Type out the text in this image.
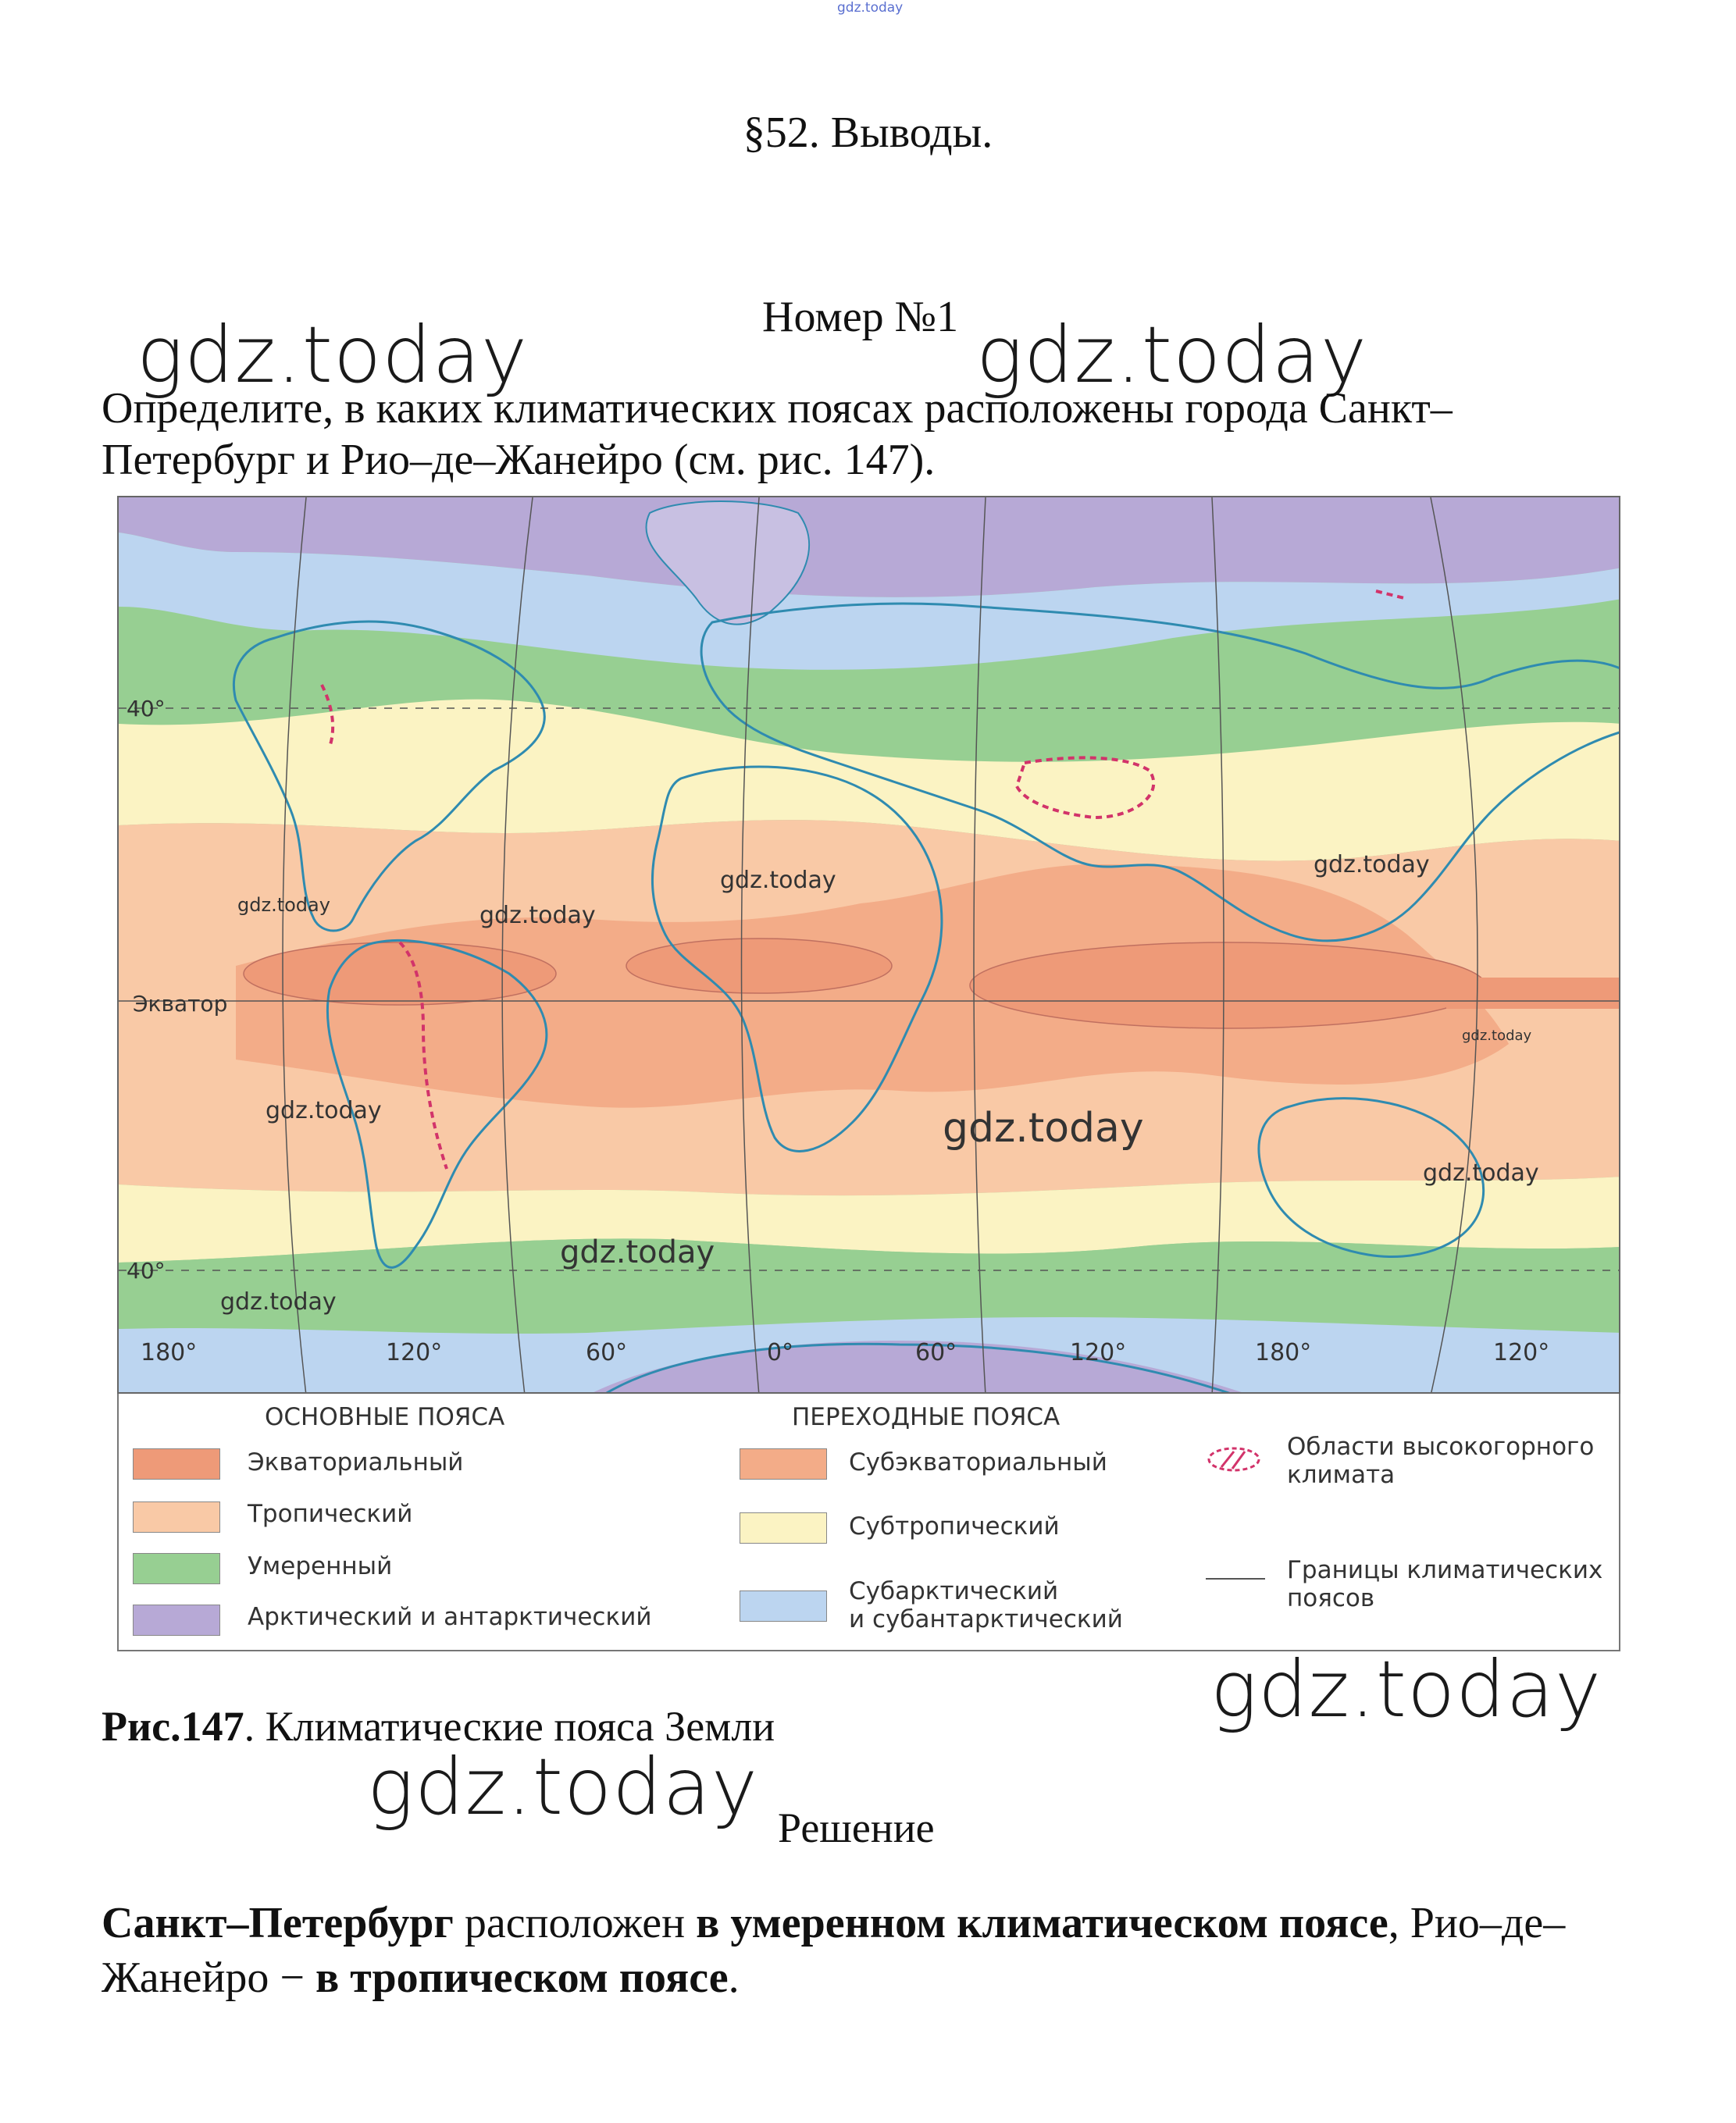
gdz.today
§52. Выводы.
gdz.today	Номер №1 gdz.today
Определите, в каких климатических поясах расположены города Санкт–Петербург и Рио–де–Жанейро (см. рис. 147).
40°
40°
Экватор
180°	120°	60°	0°	60°	120°	180°	120°
gdz.today
gdz.today
gdz.today	gdz.today
gdz.today
gdz.today	gdz.today
gdz.today
gdz.today
gdz.today
ОСНОВНЫЕ ПОЯСА	ПЕРЕХОДНЫЕ ПОЯСА
Экваториальный
Тропический
Умеренный
Арктический и антарктический
Субэкваториальный
Субтропический
Субарктический
и субантарктический
Области высокогорного
климата
Границы климатических
поясов
gdz.today
Рис.147. Климатические пояса Земли
gdz.today Решение
Санкт–Петербург расположен в умеренном климатическом поясе, Рио–де–Жанейро − в тропическом поясе.
